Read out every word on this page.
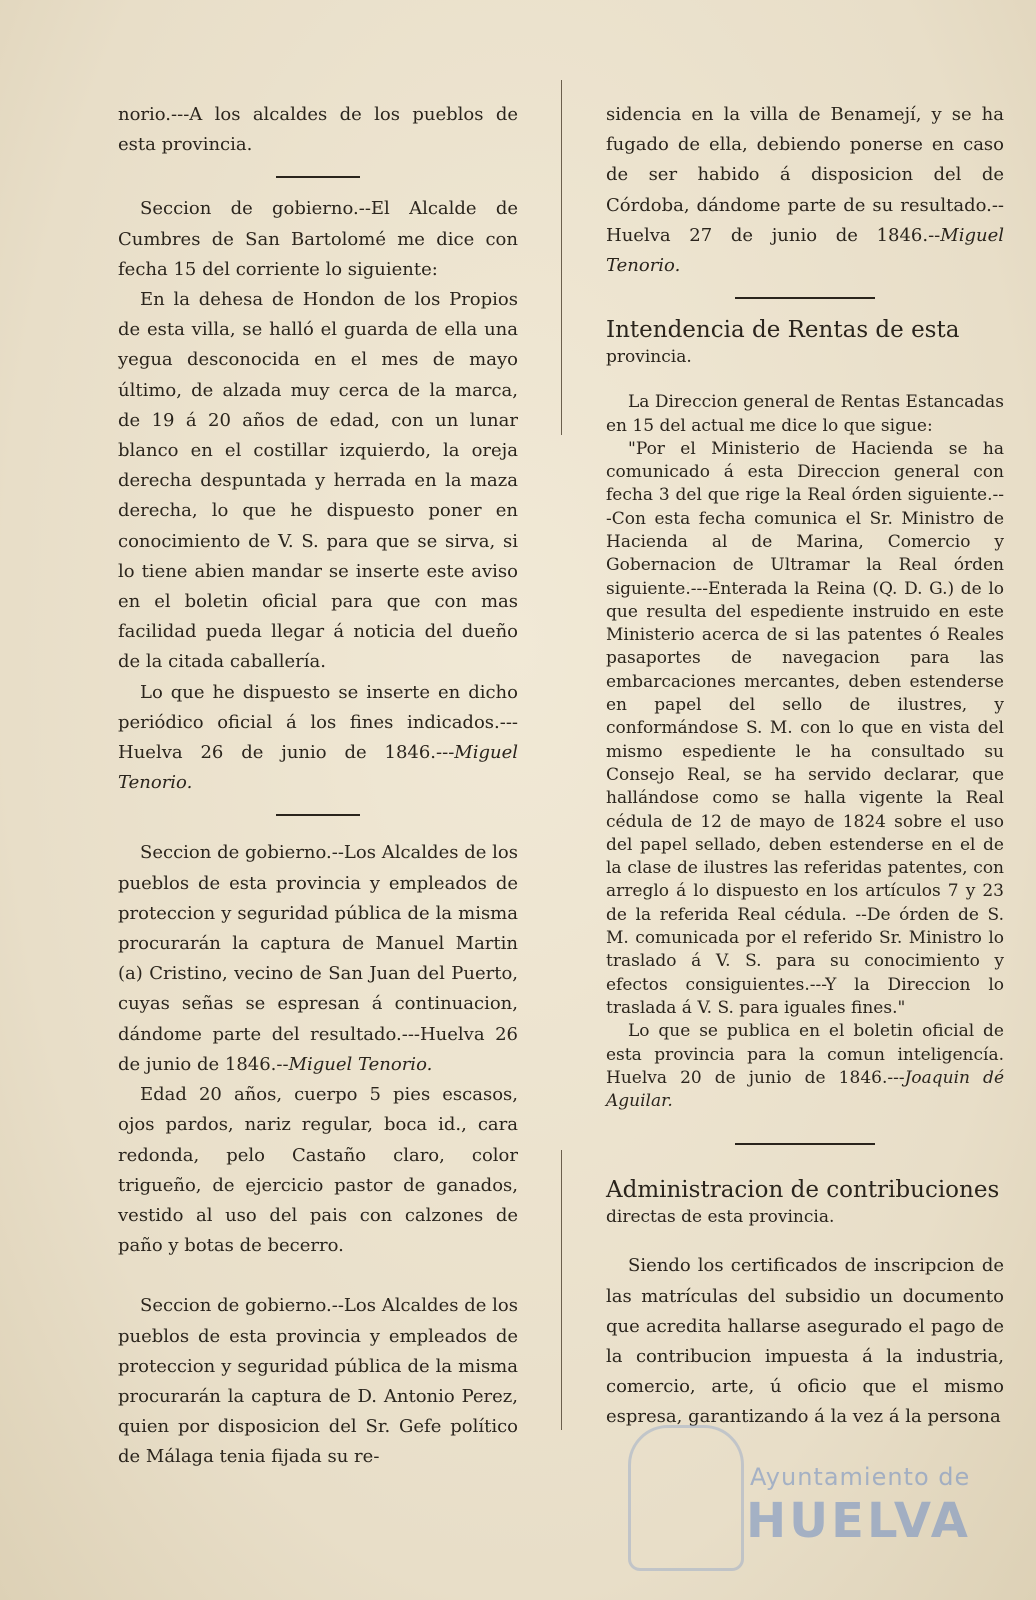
norio.---A los alcaldes de los pueblos de esta provincia.

Seccion de gobierno.--El Alcalde de Cumbres de San Bartolomé me dice con fecha 15 del corriente lo siguiente:

En la dehesa de Hondon de los Propios de esta villa, se halló el guarda de ella una yegua desconocida en el mes de mayo último, de alzada muy cerca de la marca, de 19 á 20 años de edad, con un lunar blanco en el costillar izquierdo, la oreja derecha despuntada y herrada en la maza derecha, lo que he dispuesto poner en conocimiento de V. S. para que se sirva, si lo tiene abien mandar se inserte este aviso en el boletin oficial para que con mas facilidad pueda llegar á noticia del dueño de la citada caballería.

Lo que he dispuesto se inserte en dicho periódico oficial á los fines indicados.---Huelva 26 de junio de 1846.---Miguel Tenorio.

Seccion de gobierno.--Los Alcaldes de los pueblos de esta provincia y empleados de proteccion y seguridad pública de la misma procurarán la captura de Manuel Martin (a) Cristino, vecino de San Juan del Puerto, cuyas señas se espresan á continuacion, dándome parte del resultado.---Huelva 26 de junio de 1846.--Miguel Tenorio.

Edad 20 años, cuerpo 5 pies escasos, ojos pardos, nariz regular, boca id., cara redonda, pelo Castaño claro, color trigueño, de ejercicio pastor de ganados, vestido al uso del pais con calzones de paño y botas de becerro.

Seccion de gobierno.--Los Alcaldes de los pueblos de esta provincia y empleados de proteccion y seguridad pública de la misma procurarán la captura de D. Antonio Perez, quien por disposicion del Sr. Gefe político de Málaga tenia fijada su re-

sidencia en la villa de Benamejí, y se ha fugado de ella, debiendo ponerse en caso de ser habido á disposicion del de Córdoba, dándome parte de su resultado.--Huelva 27 de junio de 1846.--Miguel Tenorio.

Intendencia de Rentas de esta

provincia.

La Direccion general de Rentas Estancadas en 15 del actual me dice lo que sigue:

"Por el Ministerio de Hacienda se ha comunicado á esta Direccion general con fecha 3 del que rige la Real órden siguiente.---Con esta fecha comunica el Sr. Ministro de Hacienda al de Marina, Comercio y Gobernacion de Ultramar la Real órden siguiente.---Enterada la Reina (Q. D. G.) de lo que resulta del espediente instruido en este Ministerio acerca de si las patentes ó Reales pasaportes de navegacion para las embarcaciones mercantes, deben estenderse en papel del sello de ilustres, y conformándose S. M. con lo que en vista del mismo espediente le ha consultado su Consejo Real, se ha servido declarar, que hallándose como se halla vigente la Real cédula de 12 de mayo de 1824 sobre el uso del papel sellado, deben estenderse en el de la clase de ilustres las referidas patentes, con arreglo á lo dispuesto en los artículos 7 y 23 de la referida Real cédula. --De órden de S. M. comunicada por el referido Sr. Ministro lo traslado á V. S. para su conocimiento y efectos consiguientes.---Y la Direccion lo traslada á V. S. para iguales fines."

Lo que se publica en el boletin oficial de esta provincia para la comun inteligencía. Huelva 20 de junio de 1846.---Joaquin dé Aguilar.

Administracion de contribuciones

directas de esta provincia.

Siendo los certificados de inscripcion de las matrículas del subsidio un documento que acredita hallarse asegurado el pago de la contribucion impuesta á la industria, comercio, arte, ú oficio que el mismo espresa, garantizando á la vez á la persona

Ayuntamiento de
HUELVA
